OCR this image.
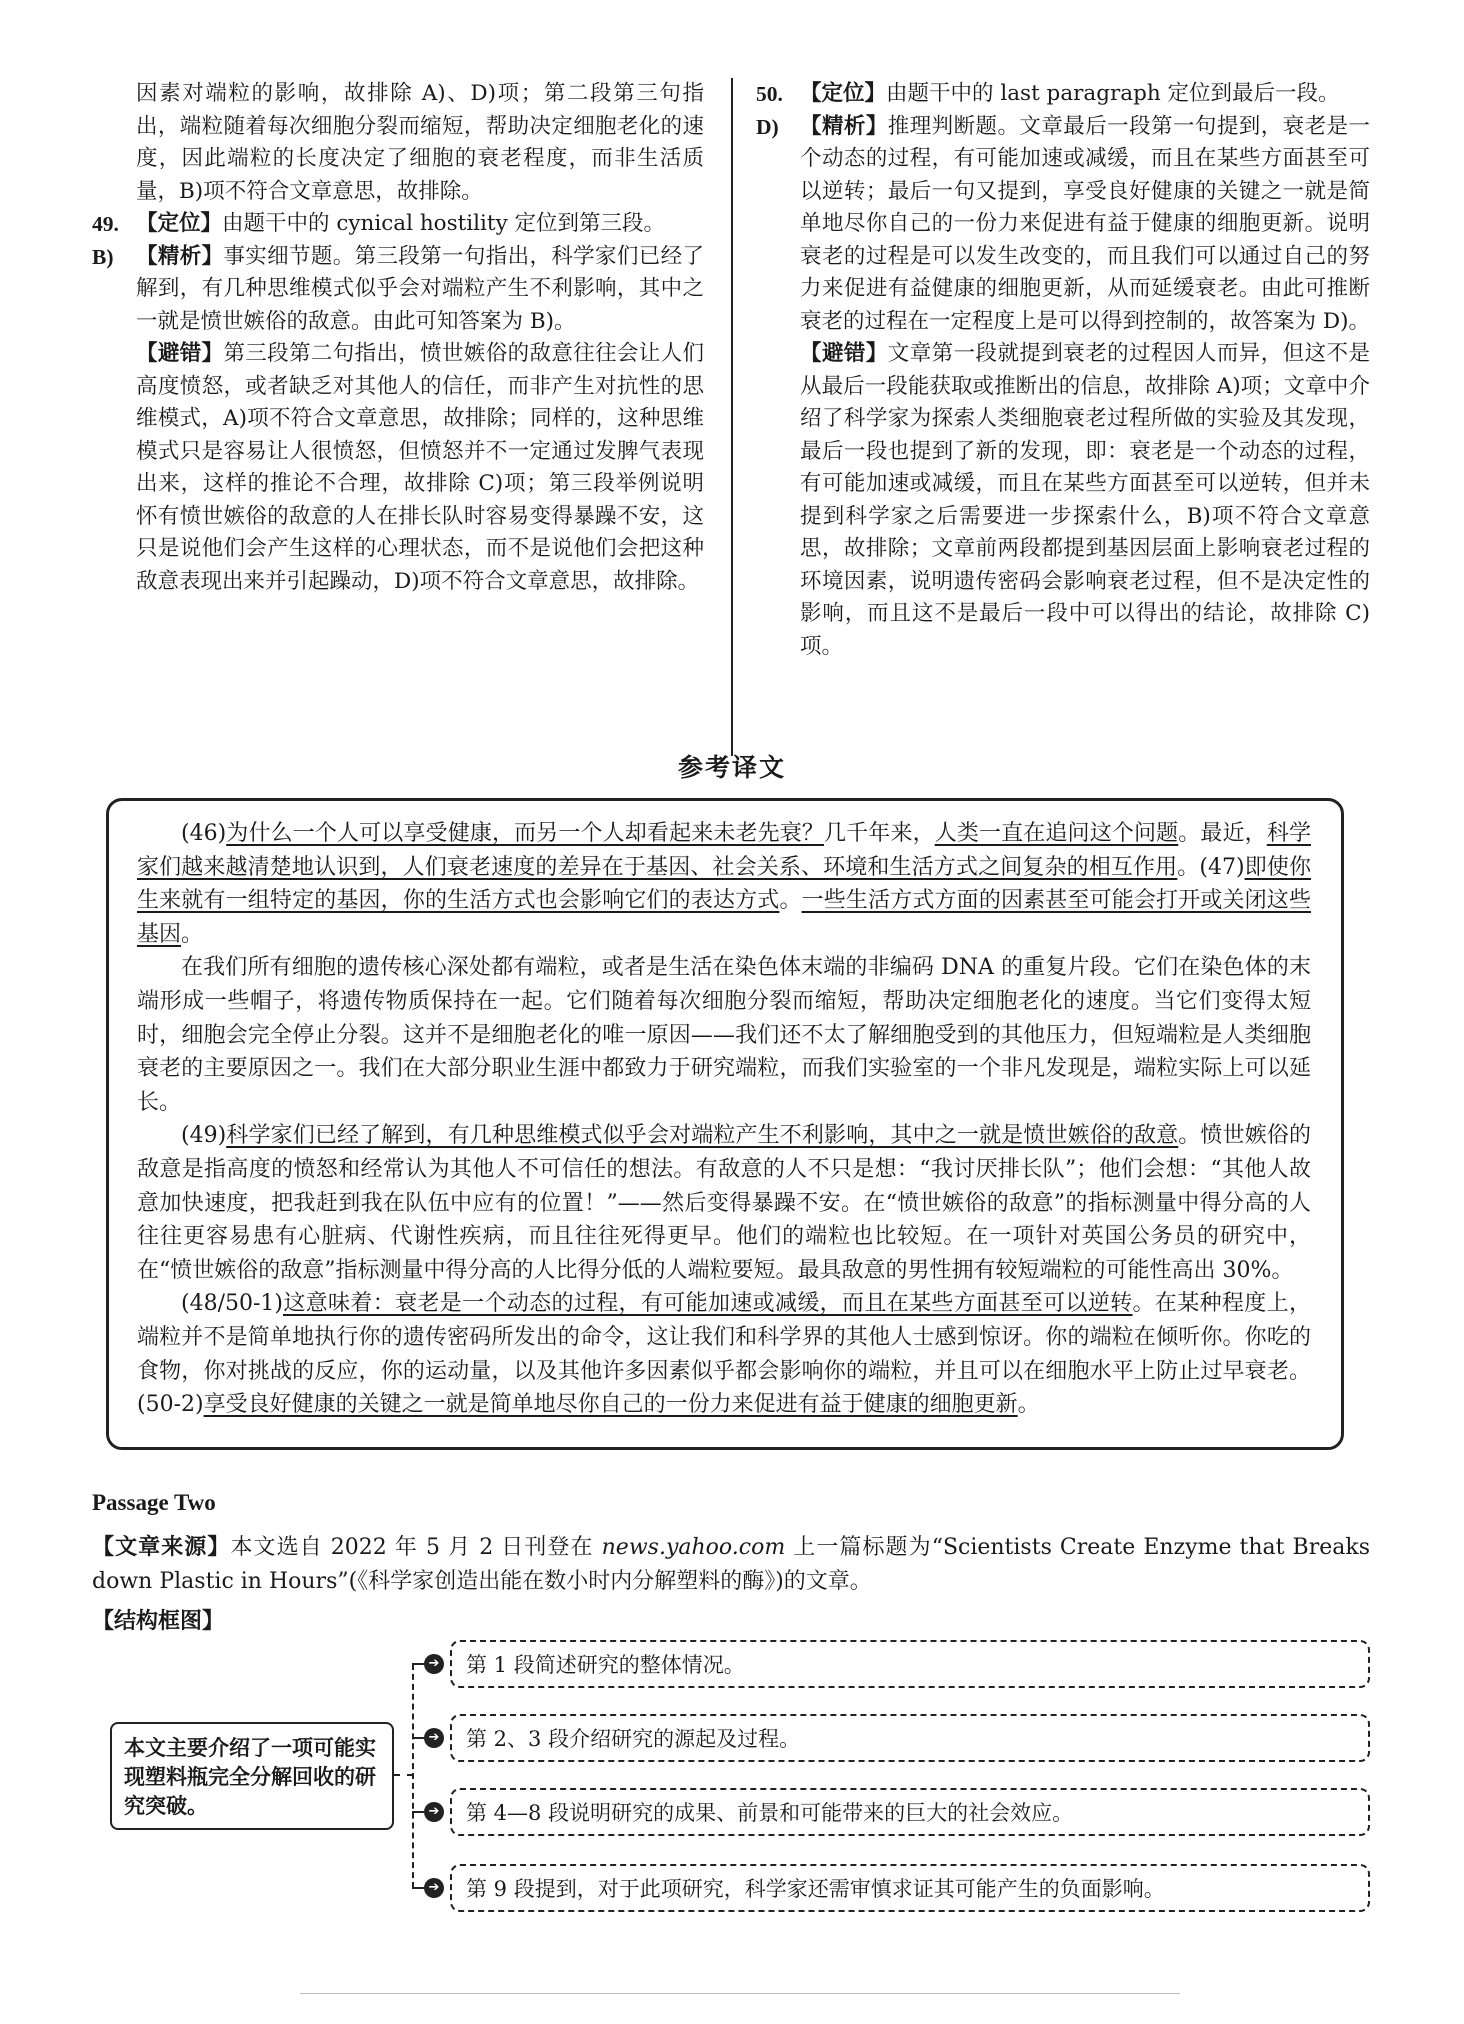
因素对端粒的影响，故排除 A)、D)项；第二段第三句指出，端粒随着每次细胞分裂而缩短，帮助决定细胞老化的速度，因此端粒的长度决定了细胞的衰老程度，而非生活质量，B)项不符合文章意思，故排除。

49. 【定位】由题干中的 cynical hostility 定位到第三段。
B)	【精析】事实细节题。第三段第一句指出，科学家们已经了解到，有几种思维模式似乎会对端粒产生不利影响，其中之一就是愤世嫉俗的敌意。由此可知答案为 B)。

【避错】第三段第二句指出，愤世嫉俗的敌意往往会让人们高度愤怒，或者缺乏对其他人的信任，而非产生对抗性的思维模式，A)项不符合文章意思，故排除；同样的，这种思维模式只是容易让人很愤怒，但愤怒并不一定通过发脾气表现出来，这样的推论不合理，故排除 C)项；第三段举例说明怀有愤世嫉俗的敌意的人在排长队时容易变得暴躁不安，这只是说他们会产生这样的心理状态，而不是说他们会把这种敌意表现出来并引起躁动，D)项不符合文章意思，故排除。

50. 【定位】由题干中的 last paragraph 定位到最后一段。
D) 【精析】推理判断题。文章最后一段第一句提到，衰老是一个动态的过程，有可能加速或减缓，而且在某些方面甚至可以逆转；最后一句又提到，享受良好健康的关键之一就是简单地尽你自己的一份力来促进有益于健康的细胞更新。说明衰老的过程是可以发生改变的，而且我们可以通过自己的努力来促进有益健康的细胞更新，从而延缓衰老。由此可推断衰老的过程在一定程度上是可以得到控制的，故答案为 D)。

【避错】文章第一段就提到衰老的过程因人而异，但这不是从最后一段能获取或推断出的信息，故排除 A)项；文章中介绍了科学家为探索人类细胞衰老过程所做的实验及其发现，最后一段也提到了新的发现，即：衰老是一个动态的过程，有可能加速或减缓，而且在某些方面甚至可以逆转，但并未提到科学家之后需要进一步探索什么，B)项不符合文章意思，故排除；文章前两段都提到基因层面上影响衰老过程的环境因素，说明遗传密码会影响衰老过程，但不是决定性的影响，而且这不是最后一段中可以得出的结论，故排除 C)项。

参考译文

(46)为什么一个人可以享受健康，而另一个人却看起来未老先衰？几千年来，人类一直在追问这个问题。最近，科学家们越来越清楚地认识到，人们衰老速度的差异在于基因、社会关系、环境和生活方式之间复杂的相互作用。(47)即使你生来就有一组特定的基因，你的生活方式也会影响它们的表达方式。一些生活方式方面的因素甚至可能会打开或关闭这些基因。

在我们所有细胞的遗传核心深处都有端粒，或者是生活在染色体末端的非编码 DNA 的重复片段。它们在染色体的末端形成一些帽子，将遗传物质保持在一起。它们随着每次细胞分裂而缩短，帮助决定细胞老化的速度。当它们变得太短时，细胞会完全停止分裂。这并不是细胞老化的唯一原因——我们还不太了解细胞受到的其他压力，但短端粒是人类细胞衰老的主要原因之一。我们在大部分职业生涯中都致力于研究端粒，而我们实验室的一个非凡发现是，端粒实际上可以延长。

(49)科学家们已经了解到，有几种思维模式似乎会对端粒产生不利影响，其中之一就是愤世嫉俗的敌意。愤世嫉俗的敌意是指高度的愤怒和经常认为其他人不可信任的想法。有敌意的人不只是想：“我讨厌排长队”；他们会想：“其他人故意加快速度，把我赶到我在队伍中应有的位置！”——然后变得暴躁不安。在“愤世嫉俗的敌意”的指标测量中得分高的人往往更容易患有心脏病、代谢性疾病，而且往往死得更早。他们的端粒也比较短。在一项针对英国公务员的研究中，在“愤世嫉俗的敌意”指标测量中得分高的人比得分低的人端粒要短。最具敌意的男性拥有较短端粒的可能性高出 30%。

(48/50-1)这意味着：衰老是一个动态的过程，有可能加速或减缓，而且在某些方面甚至可以逆转。在某种程度上，端粒并不是简单地执行你的遗传密码所发出的命令，这让我们和科学界的其他人士感到惊讶。你的端粒在倾听你。你吃的食物，你对挑战的反应，你的运动量，以及其他许多因素似乎都会影响你的端粒，并且可以在细胞水平上防止过早衰老。(50-2)享受良好健康的关键之一就是简单地尽你自己的一份力来促进有益于健康的细胞更新。

Passage Two
【文章来源】本文选自 2022 年 5 月 2 日刊登在 news.yahoo.com 上一篇标题为“Scientists Create Enzyme that Breaks down Plastic in Hours”(《科学家创造出能在数小时内分解塑料的酶》)的文章。
【结构框图】
本文主要介绍了一项可能实现塑料瓶完全分解回收的研究突破。
➔	第 1 段简述研究的整体情况。
➔	第 2、3 段介绍研究的源起及过程。
➔	第 4—8 段说明研究的成果、前景和可能带来的巨大的社会效应。
➔	第 9 段提到，对于此项研究，科学家还需审慎求证其可能产生的负面影响。
